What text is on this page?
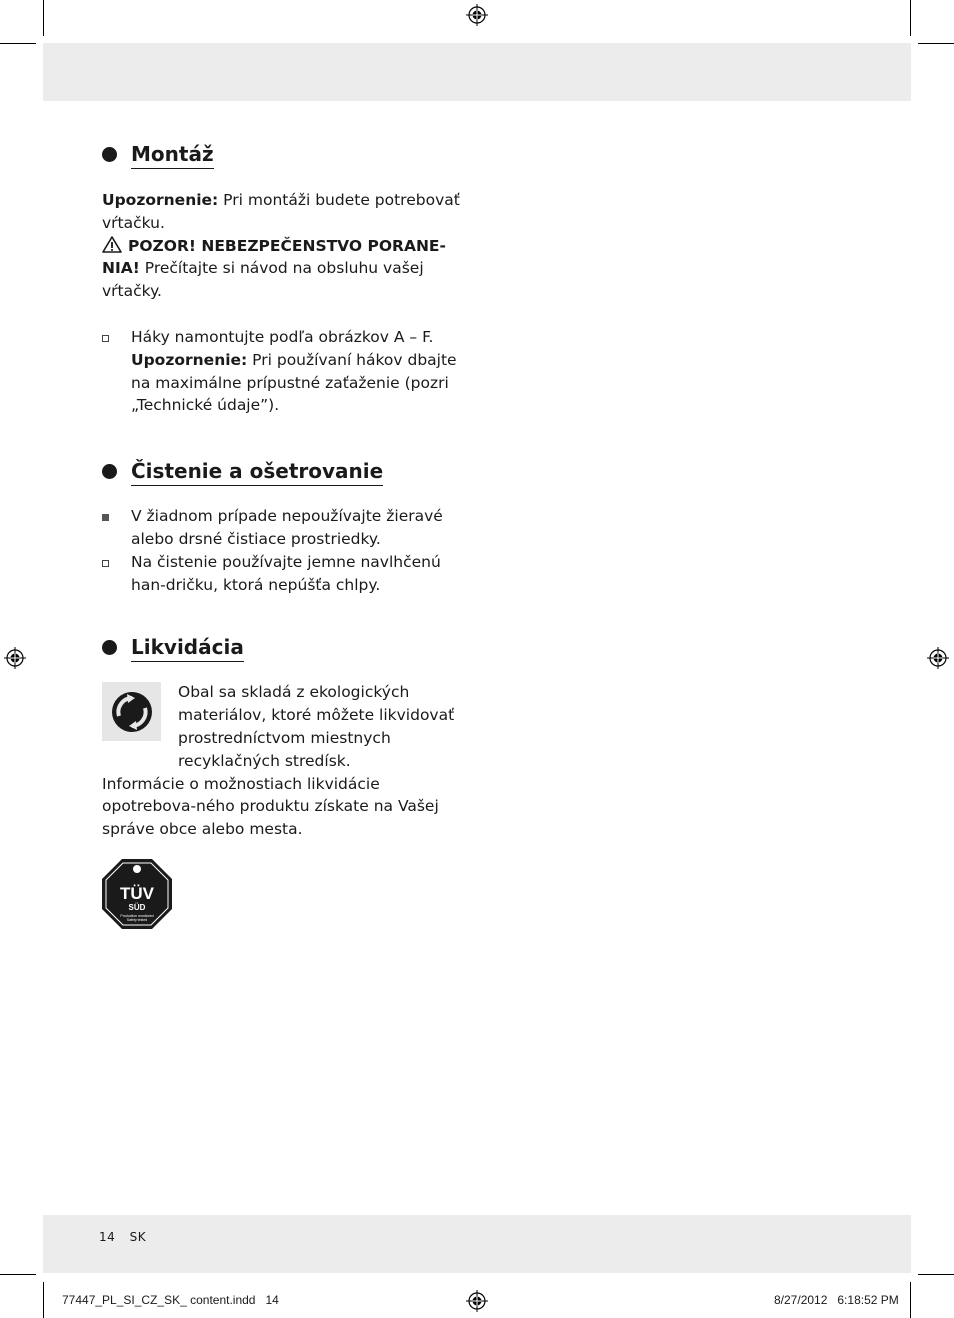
Montáž

Upozornenie: Pri montáži budete potrebovať vŕtačku.

POZOR! NEBEZPEČENSTVO PORANE-NIA! Prečítajte si návod na obsluhu vašej vŕtačky.

Háky namontujte podľa obrázkov A – F.
Upozornenie: Pri používaní hákov dbajte na maximálne prípustné zaťaženie (pozri „Technické údaje”).
Čistenie a ošetrovanie
V žiadnom prípade nepoužívajte žieravé alebo drsné čistiace prostriedky.
Na čistenie používajte jemne navlhčenú han-dričku, ktorá nepúšťa chlpy.
Likvidácia

Obal sa skladá z ekologických materiálov, ktoré môžete likvidovať prostredníctvom miestnych recyklačných stredísk.

Informácie o možnostiach likvidácie opotrebova-ného produktu získate na Vašej správe obce alebo mesta.

TÜV
SÜD
Production monitored
Safety tested
14 SK
77447_PL_SI_CZ_SK_ content.indd   14	8/27/2012   6:18:52 PM
